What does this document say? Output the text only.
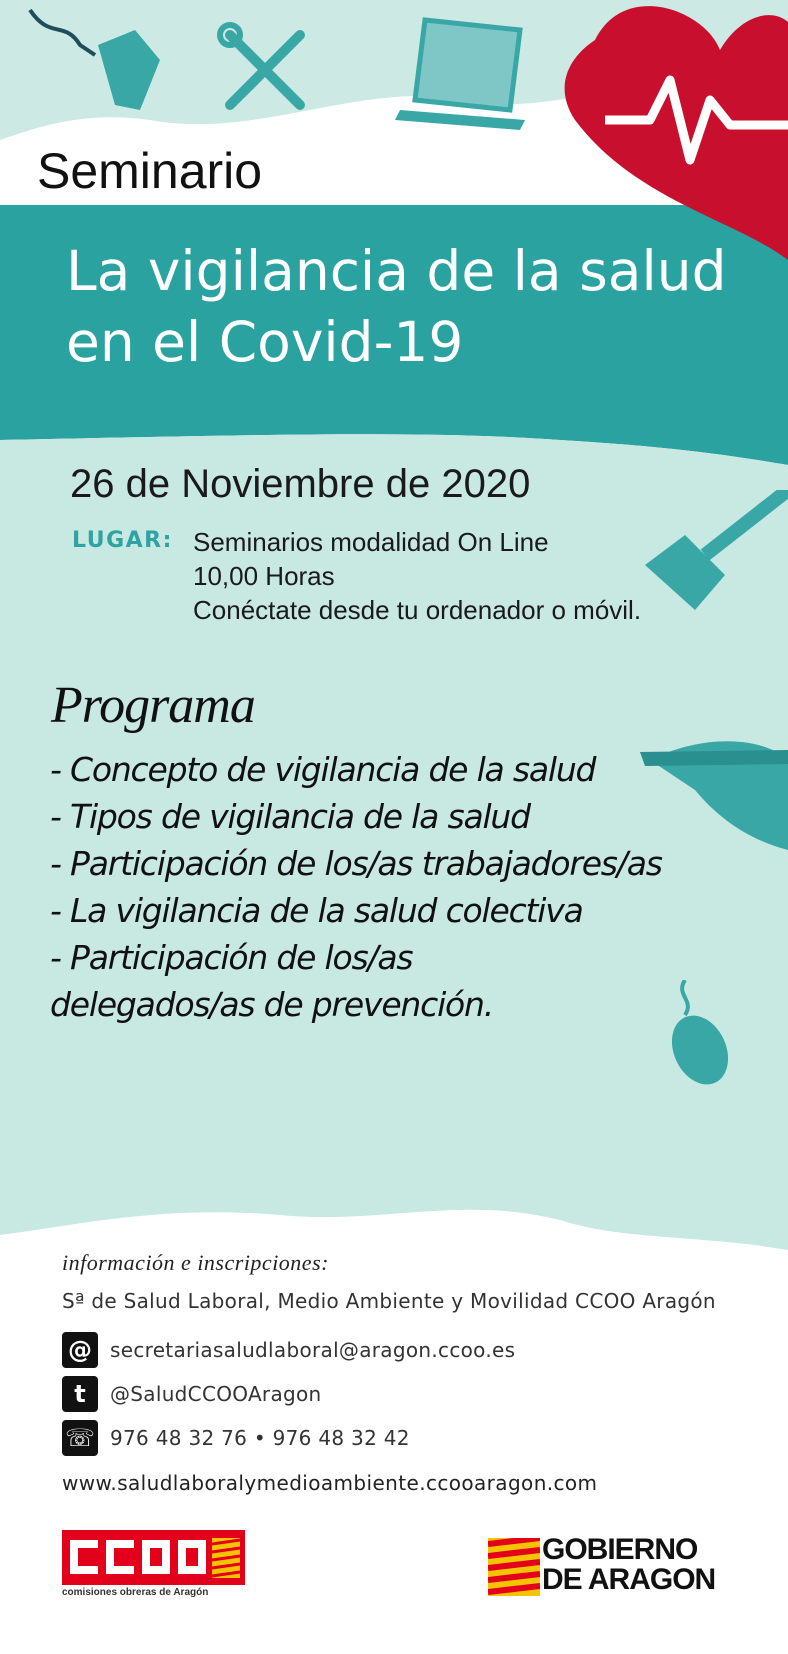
Seminario
La vigilancia de la salud
en el Covid-19
26 de Noviembre de 2020
LUGAR: Seminarios modalidad On Line
10,00 Horas
Conéctate desde tu ordenador o móvil.
Programa
- Concepto de vigilancia de la salud
- Tipos de vigilancia de la salud
- Participación de los/as trabajadores/as
- La vigilancia de la salud colectiva
- Participación de los/as
delegados/as de prevención.
información e inscripciones:
Sª de Salud Laboral, Medio Ambiente y Movilidad CCOO Aragón
@ secretariasaludlaboral@aragon.ccoo.es
t	@SaludCCOOAragon
☏ 976 48 32 76 • 976 48 32 42
www.saludlaboralymedioambiente.ccooaragon.com
comisiones obreras de Aragón
GOBIERNO
DE ARAGON
